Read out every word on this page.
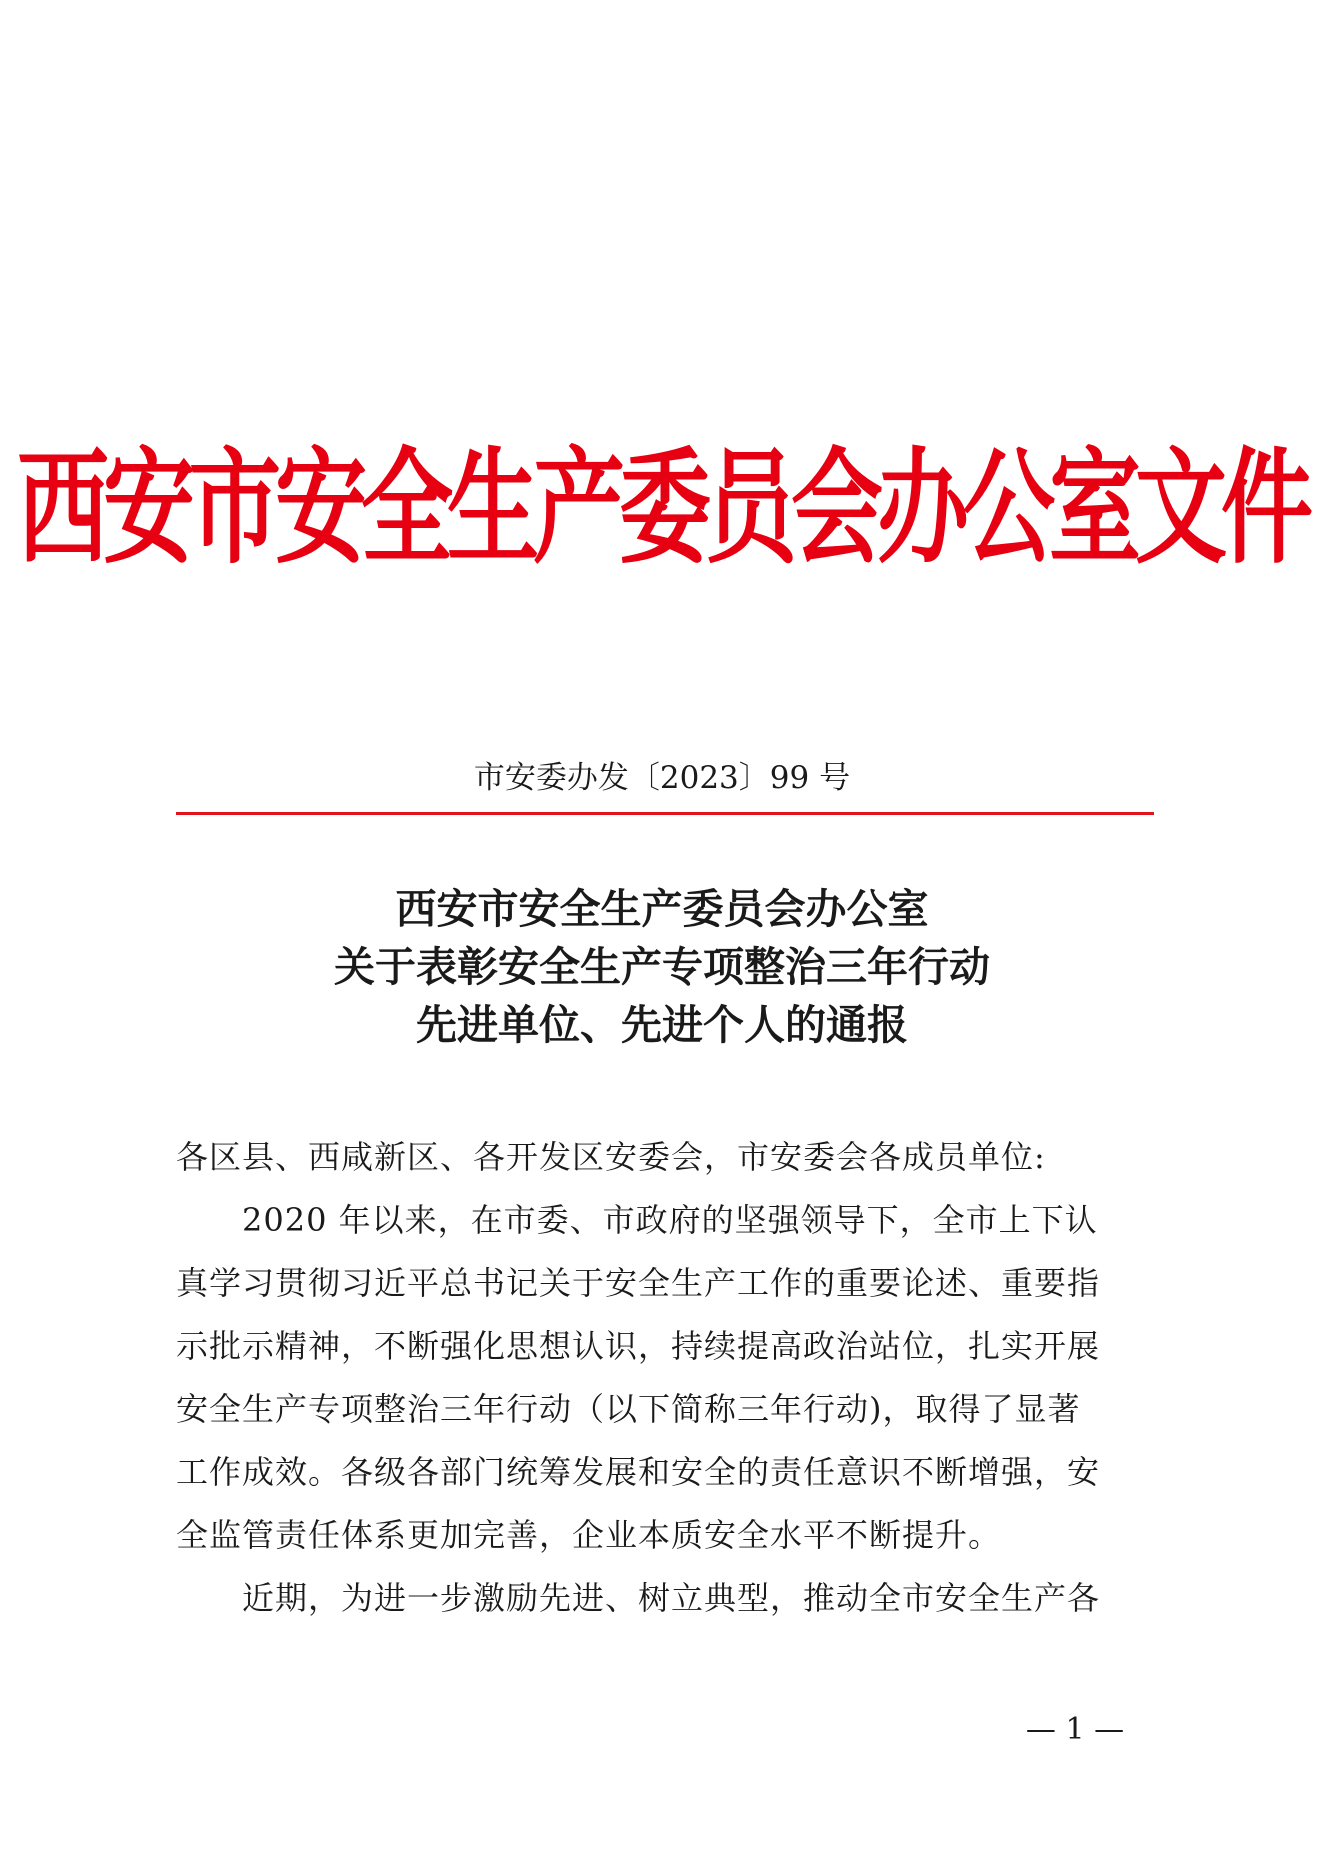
西安市安全生产委员会办公室文件
市安委办发〔2023〕99 号
西安市安全生产委员会办公室
关于表彰安全生产专项整治三年行动
先进单位、先进个人的通报
各区县、西咸新区、各开发区安委会，市安委会各成员单位:

2020 年以来，在市委、市政府的坚强领导下，全市上下认
真学习贯彻习近平总书记关于安全生产工作的重要论述、重要指
示批示精神，不断强化思想认识，持续提高政治站位，扎实开展
安全生产专项整治三年行动（以下简称三年行动)，取得了显著
工作成效。各级各部门统筹发展和安全的责任意识不断增强，安
全监管责任体系更加完善，企业本质安全水平不断提升。

近期，为进一步激励先进、树立典型，推动全市安全生产各

— 1 —
